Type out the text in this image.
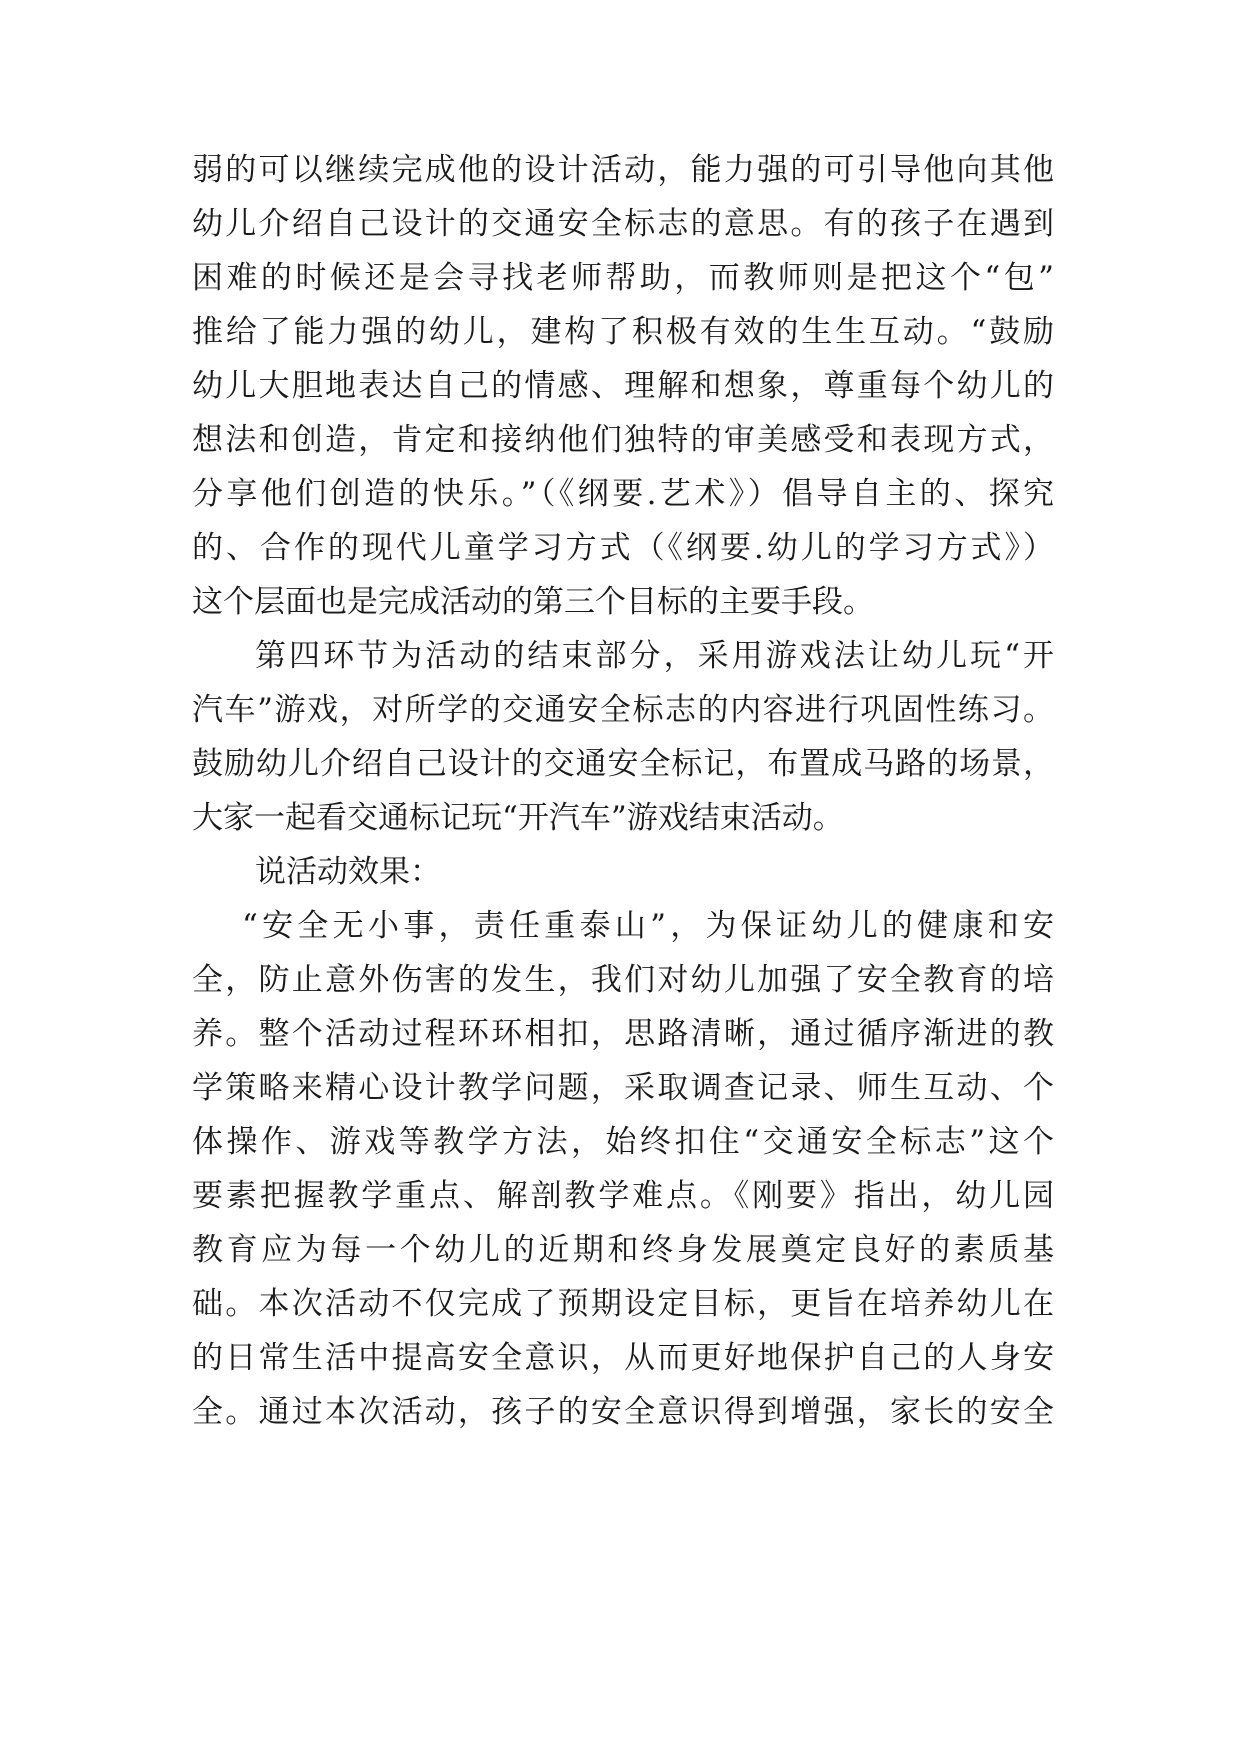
弱的可以继续完成他的设计活动，能力强的可引导他向其他
幼儿介绍自己设计的交通安全标志的意思。有的孩子在遇到
困难的时候还是会寻找老师帮助，而教师则是把这个“包”
推给了能力强的幼儿，建构了积极有效的生生互动。“鼓励
幼儿大胆地表达自己的情感、理解和想象，尊重每个幼儿的
想法和创造，肯定和接纳他们独特的审美感受和表现方式，
分享他们创造的快乐。”（《纲要.艺术》）倡导自主的、探究
的、合作的现代儿童学习方式（《纲要.幼儿的学习方式》）
这个层面也是完成活动的第三个目标的主要手段。
第四环节为活动的结束部分，采用游戏法让幼儿玩“开
汽车”游戏，对所学的交通安全标志的内容进行巩固性练习。
鼓励幼儿介绍自己设计的交通安全标记，布置成马路的场景，
大家一起看交通标记玩“开汽车”游戏结束活动。
说活动效果：
“安全无小事，责任重泰山”，为保证幼儿的健康和安
全，防止意外伤害的发生，我们对幼儿加强了安全教育的培
养。整个活动过程环环相扣，思路清晰，通过循序渐进的教
学策略来精心设计教学问题，采取调查记录、师生互动、个
体操作、游戏等教学方法，始终扣住“交通安全标志”这个
要素把握教学重点、解剖教学难点。《刚要》指出，幼儿园
教育应为每一个幼儿的近期和终身发展奠定良好的素质基
础。本次活动不仅完成了预期设定目标，更旨在培养幼儿在
的日常生活中提高安全意识，从而更好地保护自己的人身安
全。通过本次活动，孩子的安全意识得到增强，家长的安全
